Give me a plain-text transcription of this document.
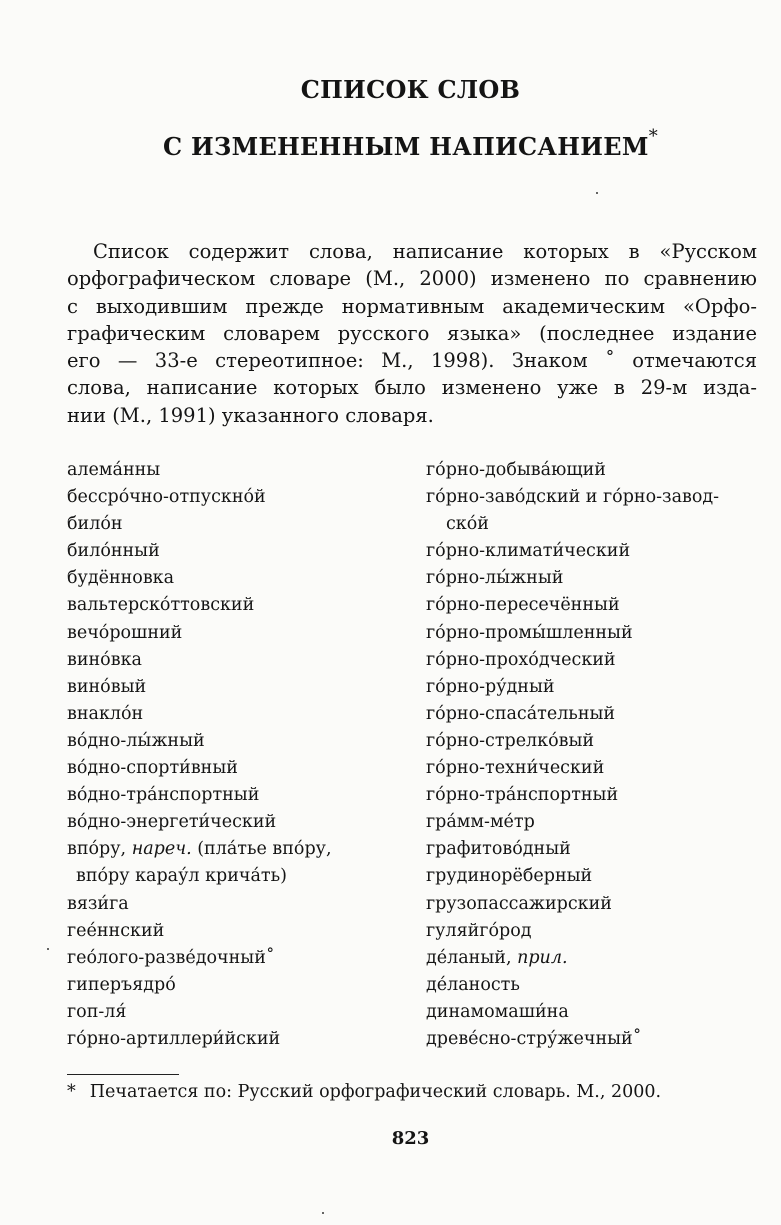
СПИСОК СЛОВ
С ИЗМЕНЕННЫМ НАПИСАНИЕМ*
Список содержит слова, написание которых в «Русском
орфографическом словаре (М., 2000) изменено по сравнению
с выходившим прежде нормативным академическим «Орфо-
графическим словарем русского языка» (последнее издание
его — 33-е стереотипное: М., 1998). Знаком ˚ отмечаются
слова, написание которых было изменено уже в 29-м изда-
нии (М., 1991) указанного словаря.
алема́нны
бессро́чно-отпускно́й
било́н
било́нный
будённовка
вальтерско́ттовский
вечо́рошний
вино́вка
вино́вый
внакло́н
во́дно-лы́жный
во́дно-спорти́вный
во́дно-тра́нспортный
во́дно-энергети́ческий
впо́ру, нареч. (пла́тье впо́ру,
впо́ру карау́л крича́ть)
вязи́га
гее́ннский
гео́лого-разве́дочный˚
гиперъядро́
гоп-ля́
го́рно-артиллери́йский
го́рно-добыва́ющий
го́рно-заво́дский и го́рно-завод-
ско́й
го́рно-климати́ческий
го́рно-лы́жный
го́рно-пересечённый
го́рно-промы́шленный
го́рно-прохо́дческий
го́рно-ру́дный
го́рно-спаса́тельный
го́рно-стрелко́вый
го́рно-техни́ческий
го́рно-тра́нспортный
гра́мм-ме́тр
графитово́дный
грудинорёберный
грузопассажирский
гуляйго́род
де́ланый, прил.
де́ланость
динамомаши́на
древе́сно-стру́жечный˚
* Печатается по: Русский орфографический словарь. М., 2000.
823
